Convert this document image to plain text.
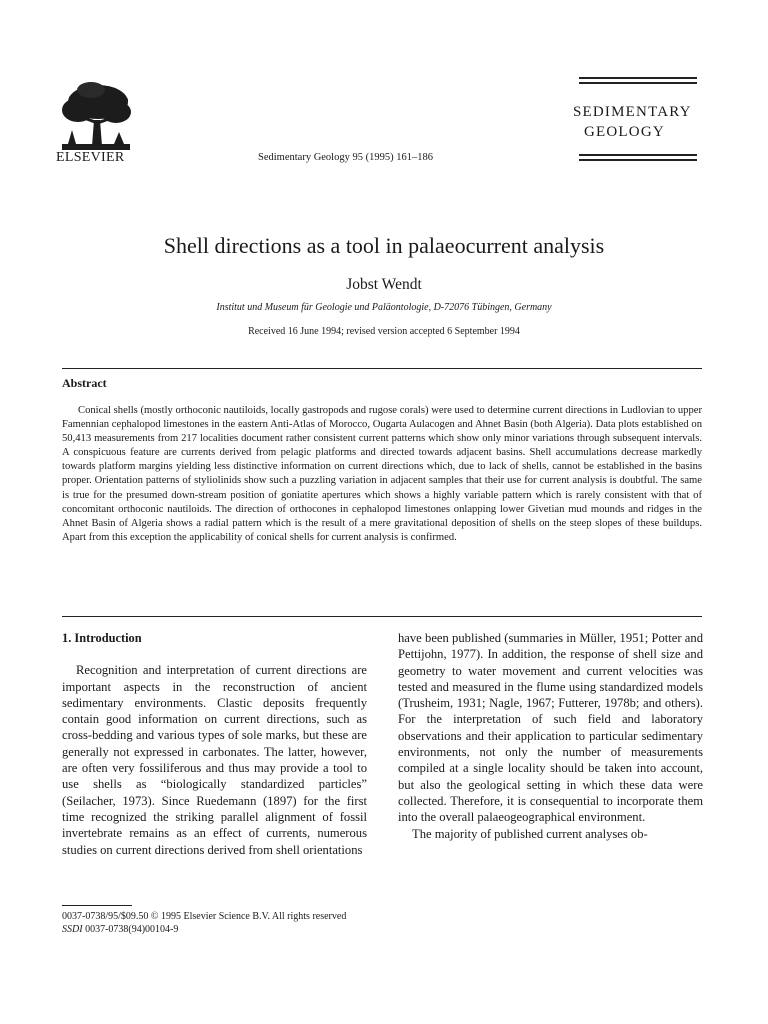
ELSEVIER	Sedimentary Geology 95 (1995) 161–186
SEDIMENTARY
GEOLOGY
Shell directions as a tool in palaeocurrent analysis
Jobst Wendt
Institut und Museum für Geologie und Paläontologie, D-72076 Tübingen, Germany
Received 16 June 1994; revised version accepted 6 September 1994
Abstract

Conical shells (mostly orthoconic nautiloids, locally gastropods and rugose corals) were used to determine current directions in Ludlovian to upper Famennian cephalopod limestones in the eastern Anti-Atlas of Morocco, Ougarta Aulacogen and Ahnet Basin (both Algeria). Data plots established on 50,413 measurements from 217 localities document rather consistent current patterns which show only minor variations through subsequent intervals. A conspicuous feature are currents derived from pelagic platforms and directed towards adjacent basins. Shell accumulations decrease markedly towards platform margins yielding less distinctive information on current directions which, due to lack of shells, cannot be established in the basins proper. Orientation patterns of styliolinids show such a puzzling variation in adjacent samples that their use for current analysis is doubtful. The same is true for the presumed down-stream position of goniatite apertures which shows a highly variable pattern which is rarely consistent with that of concomitant orthoconic nautiloids. The direction of orthocones in cephalopod limestones onlapping lower Givetian mud mounds and ridges in the Ahnet Basin of Algeria shows a radial pattern which is the result of a mere gravitational deposition of shells on the steep slopes of these buildups. Apart from this exception the applicability of conical shells for current analysis is confirmed.

1. Introduction

Recognition and interpretation of current directions are important aspects in the reconstruction of ancient sedimentary environments. Clastic deposits frequently contain good information on current directions, such as cross-bedding and various types of sole marks, but these are generally not expressed in carbonates. The latter, however, are often very fossiliferous and thus may provide a tool to use shells as “biologically standardized particles” (Seilacher, 1973). Since Ruedemann (1897) for the first time recognized the striking parallel alignment of fossil invertebrate remains as an effect of currents, numerous studies on current directions derived from shell orientations

have been published (summaries in Müller, 1951; Potter and Pettijohn, 1977). In addition, the response of shell size and geometry to water movement and current velocities was tested and measured in the flume using standardized models (Trusheim, 1931; Nagle, 1967; Futterer, 1978b; and others). For the interpretation of such field and laboratory observations and their application to particular sedimentary environments, not only the number of measurements compiled at a single locality should be taken into account, but also the geological setting in which these data were collected. Therefore, it is consequential to incorporate them into the overall palaeogeographical environment.

The majority of published current analyses ob-

0037-0738/95/$09.50 © 1995 Elsevier Science B.V. All rights reserved
SSDI 0037-0738(94)00104-9
